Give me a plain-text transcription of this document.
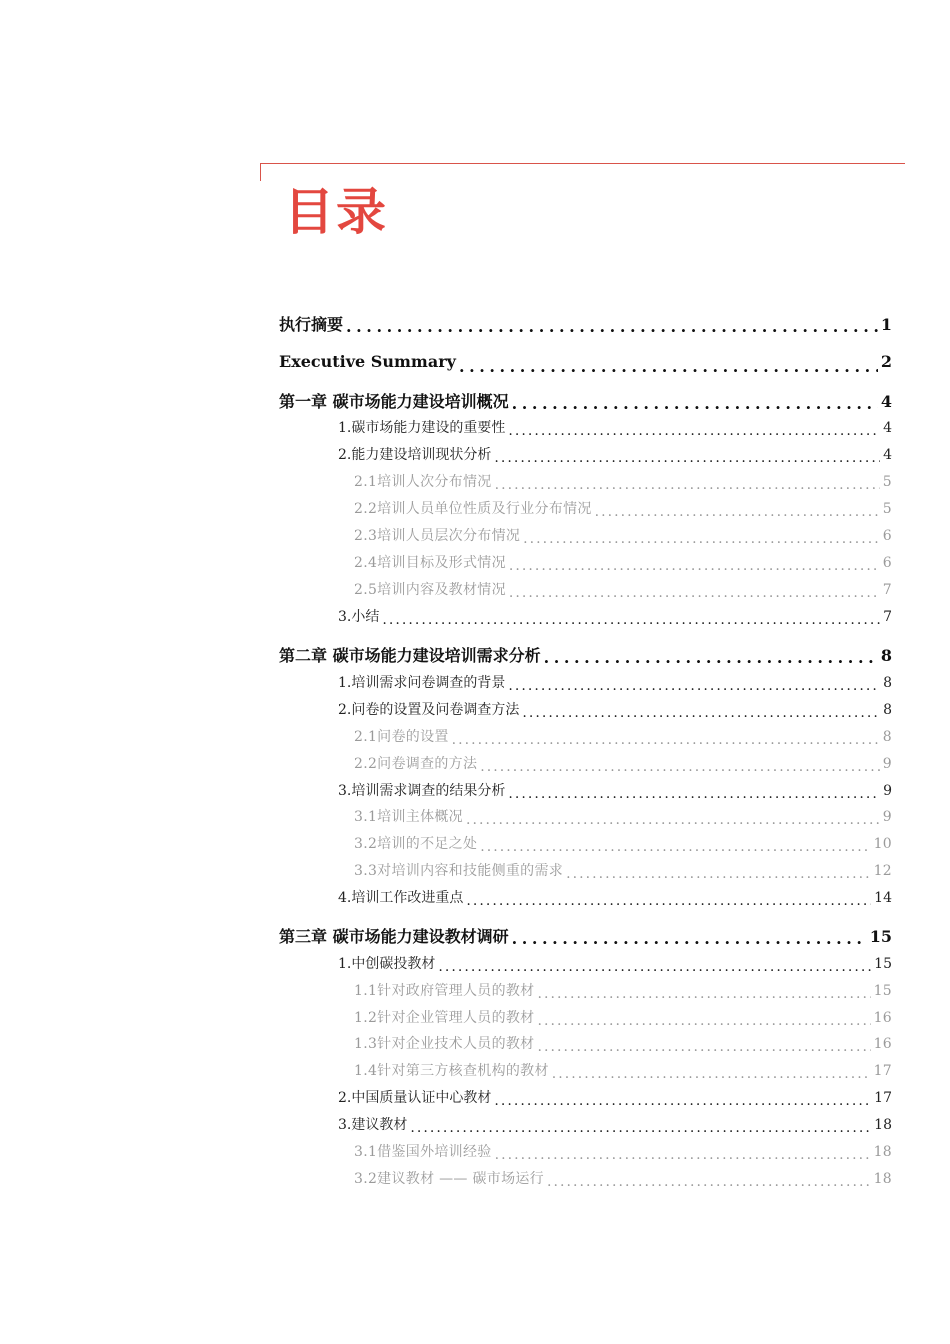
目录
执行摘要 . . .	1
Executive Summary . . .	2
第一章 碳市场能力建设培训概况 . . .	4
1.碳市场能力建设的重要性 . . .	4
2.能力建设培训现状分析 . . .	4
2.1培训人次分布情况 . . .	5
2.2培训人员单位性质及行业分布情况 . . .	5
2.3培训人员层次分布情况 . . .	6
2.4培训目标及形式情况 . . .	6
2.5培训内容及教材情况 . . .	7
3.小结 . . .	7
第二章 碳市场能力建设培训需求分析 . . .	8
1.培训需求问卷调查的背景 . . .	8
2.问卷的设置及问卷调查方法 . . .	8
2.1问卷的设置 . . .	8
2.2问卷调查的方法 . . .	9
3.培训需求调查的结果分析 . . .	9
3.1培训主体概况 . . .	9
3.2培训的不足之处 . . .	10
3.3对培训内容和技能侧重的需求 . . .	12
4.培训工作改进重点 . . .	14
第三章 碳市场能力建设教材调研 . . .	15
1.中创碳投教材 . . .	15
1.1针对政府管理人员的教材 . . .	15
1.2针对企业管理人员的教材 . . .	16
1.3针对企业技术人员的教材 . . .	16
1.4针对第三方核查机构的教材 . . .	17
2.中国质量认证中心教材 . . .	17
3.建议教材 . . .	18
3.1借鉴国外培训经验 . . .	18
3.2建议教材 —— 碳市场运行 . . .	18
